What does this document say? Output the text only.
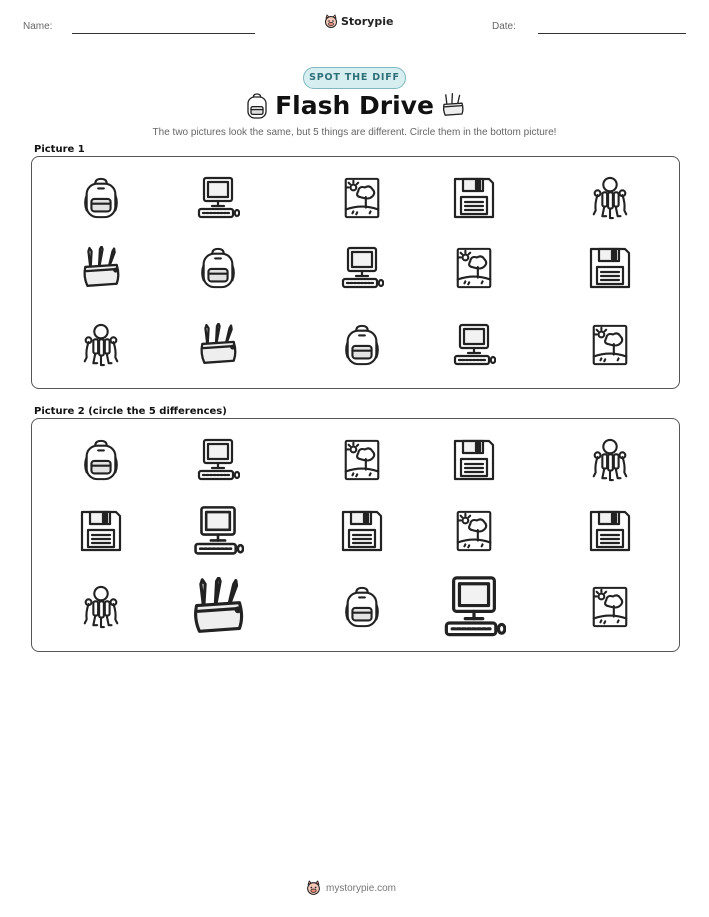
Name:	Storypie	Date:
SPOT THE DIFF
Flash Drive
The two pictures look the same, but 5 things are different. Circle them in the bottom picture!
Picture 1
Picture 2 (circle the 5 differences)
mystorypie.com
